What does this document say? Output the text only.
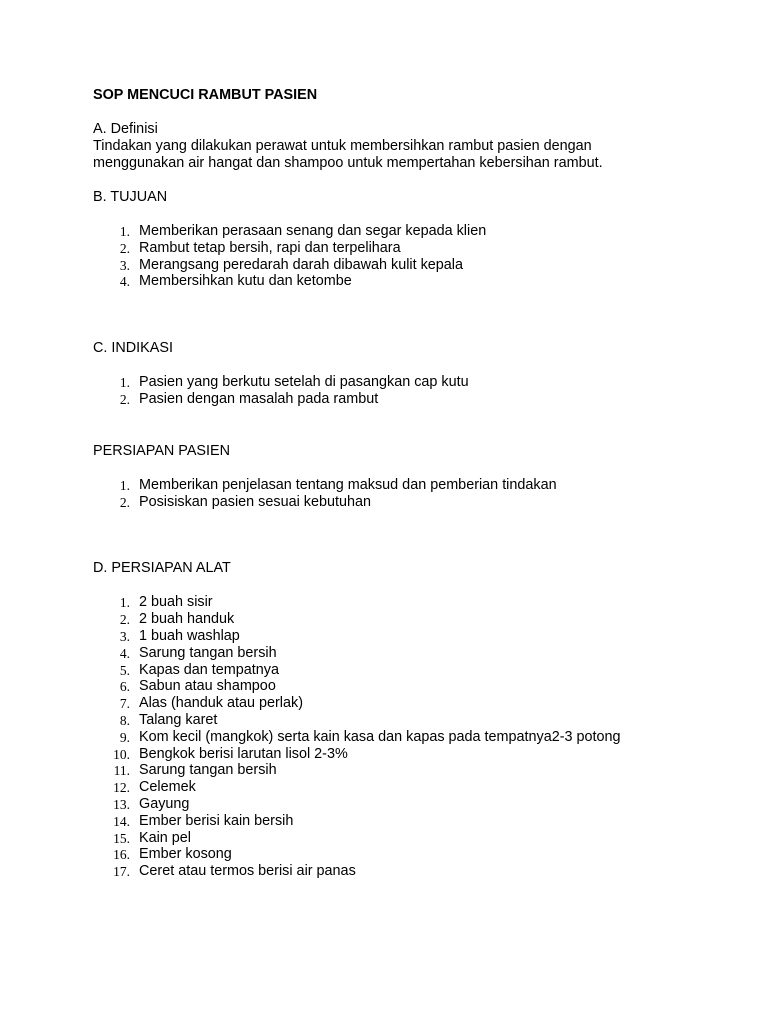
SOP MENCUCI RAMBUT PASIEN

A. Definisi

Tindakan yang dilakukan perawat untuk membersihkan rambut pasien dengan

menggunakan air hangat dan shampoo untuk mempertahan kebersihan rambut.

B. TUJUAN

1. Memberikan perasaan senang dan segar kepada klien
2. Rambut tetap bersih, rapi dan terpelihara
3. Merangsang peredarah darah dibawah kulit kepala
4. Membersihkan kutu dan ketombe

C. INDIKASI

1. Pasien yang berkutu setelah di pasangkan cap kutu
2. Pasien dengan masalah pada rambut

PERSIAPAN PASIEN

1. Memberikan penjelasan tentang maksud dan pemberian tindakan
2. Posisiskan pasien sesuai kebutuhan

D. PERSIAPAN ALAT

1. 2 buah sisir
2. 2 buah handuk
3. 1 buah washlap
4. Sarung tangan bersih
5. Kapas dan tempatnya
6. Sabun atau shampoo
7. Alas (handuk atau perlak)
8. Talang karet
9. Kom kecil (mangkok) serta kain kasa dan kapas pada tempatnya2-3 potong
10. Bengkok berisi larutan lisol 2-3%
11. Sarung tangan bersih
12. Celemek
13. Gayung
14. Ember berisi kain bersih
15. Kain pel
16. Ember kosong
17. Ceret atau termos berisi air panas
